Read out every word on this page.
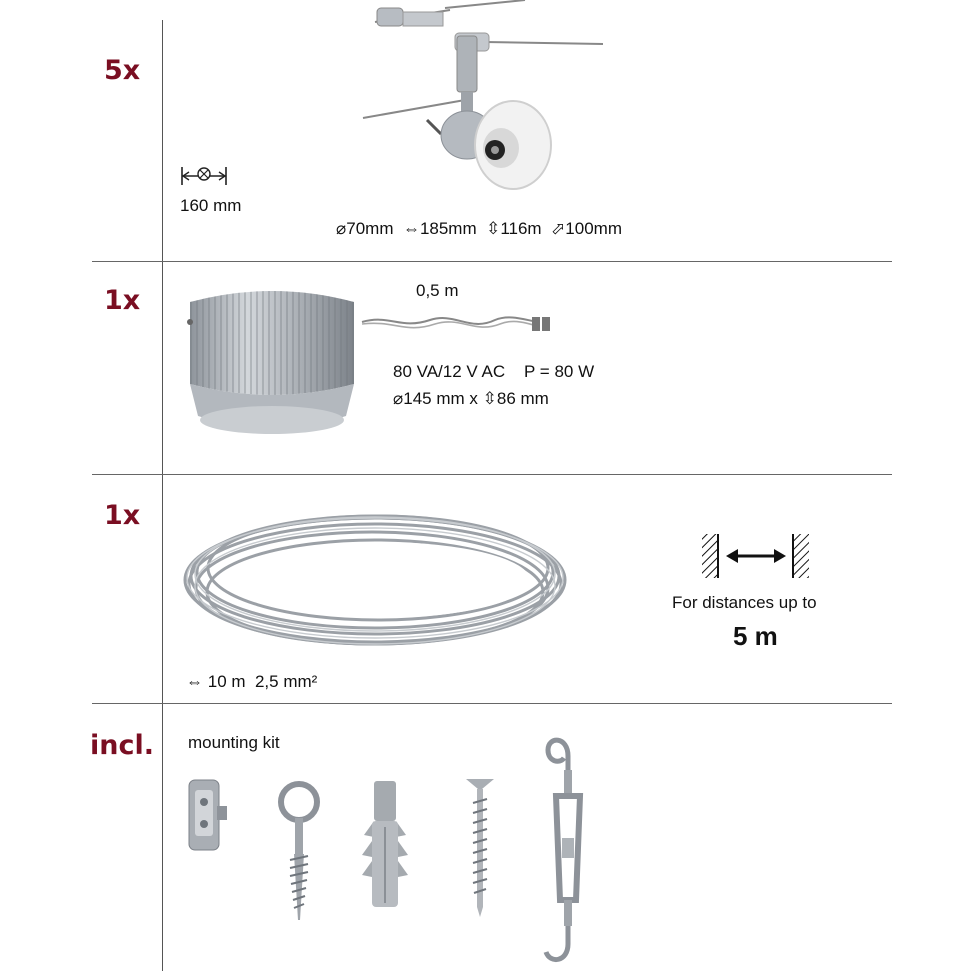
5x
160 mm
⌀70mm ⇔185mm ⇳116m ⬀100mm
1x	0,5 m
80 VA/12 V AC    P = 80 W
⌀145 mm x ⇳86 mm
1x
⇔ 10 m  2,5 mm²
For distances up to
5 m
incl. mounting kit
